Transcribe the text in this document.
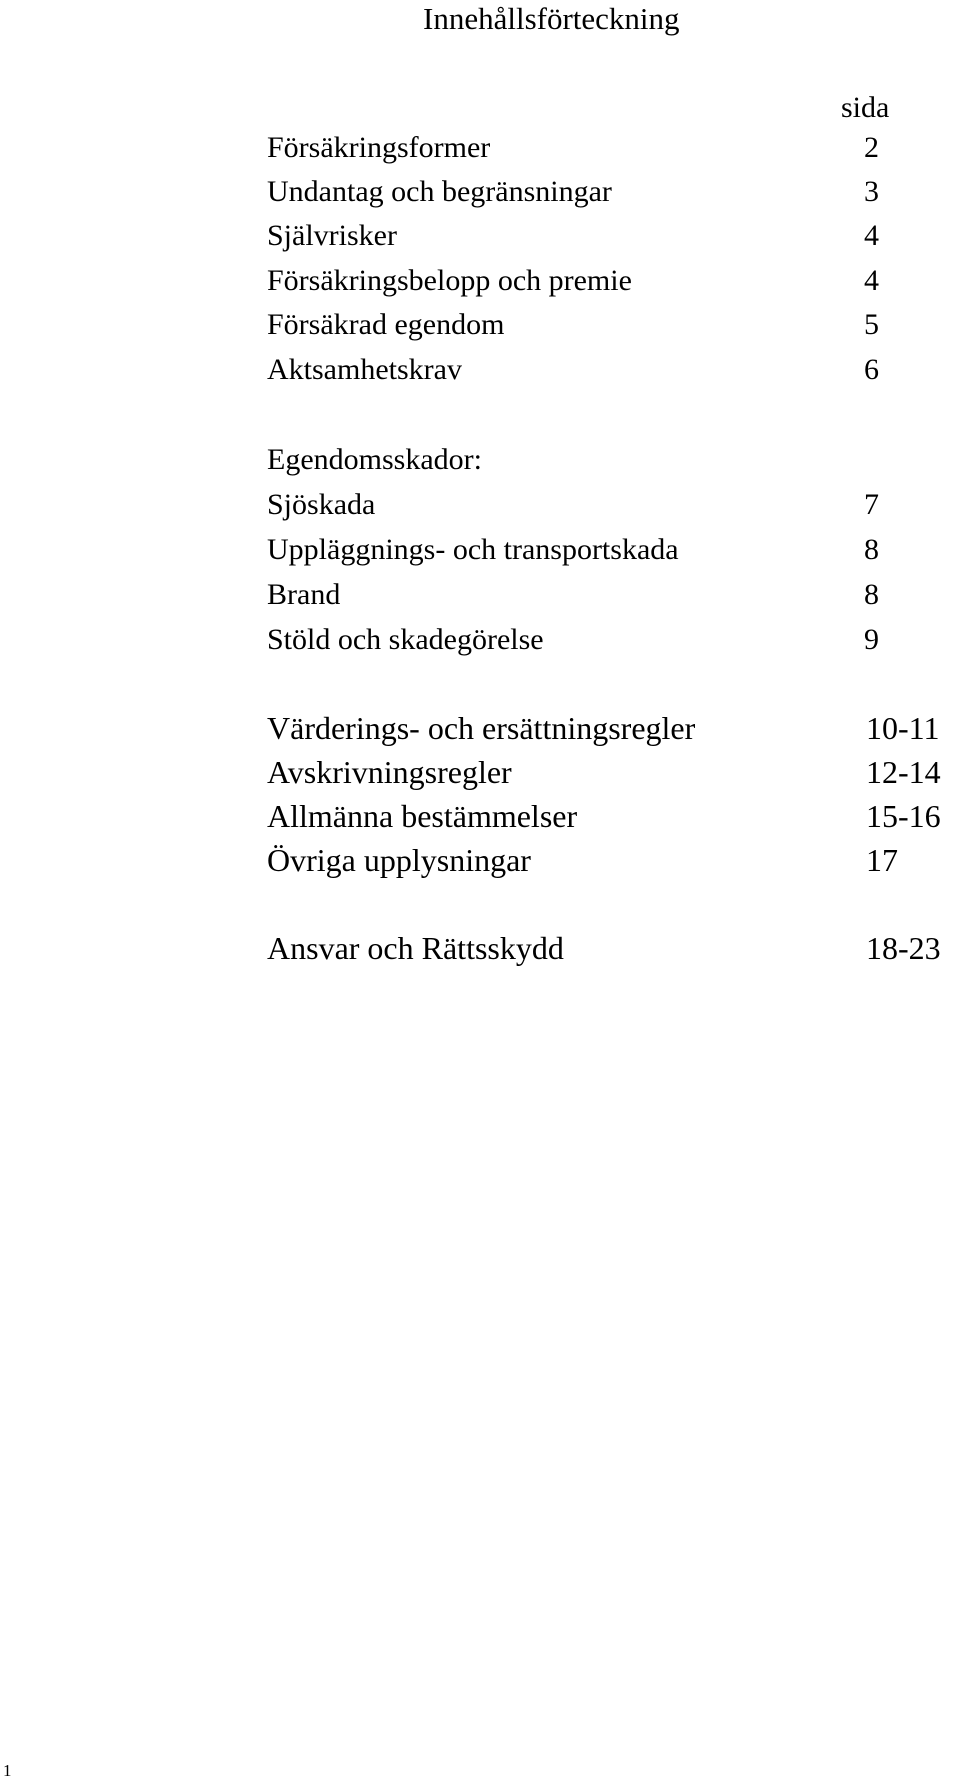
Innehållsförteckning
sida
Försäkringsformer	2
Undantag och begränsningar	3
Självrisker	4
Försäkringsbelopp och premie	4
Försäkrad egendom	5
Aktsamhetskrav	6
Egendomsskador:
Sjöskada	7
Uppläggnings- och transportskada	8
Brand	8
Stöld och skadegörelse	9
Värderings- och ersättningsregler	10-11
Avskrivningsregler	12-14
Allmänna bestämmelser	15-16
Övriga upplysningar	17
Ansvar och Rättsskydd	18-23
1
